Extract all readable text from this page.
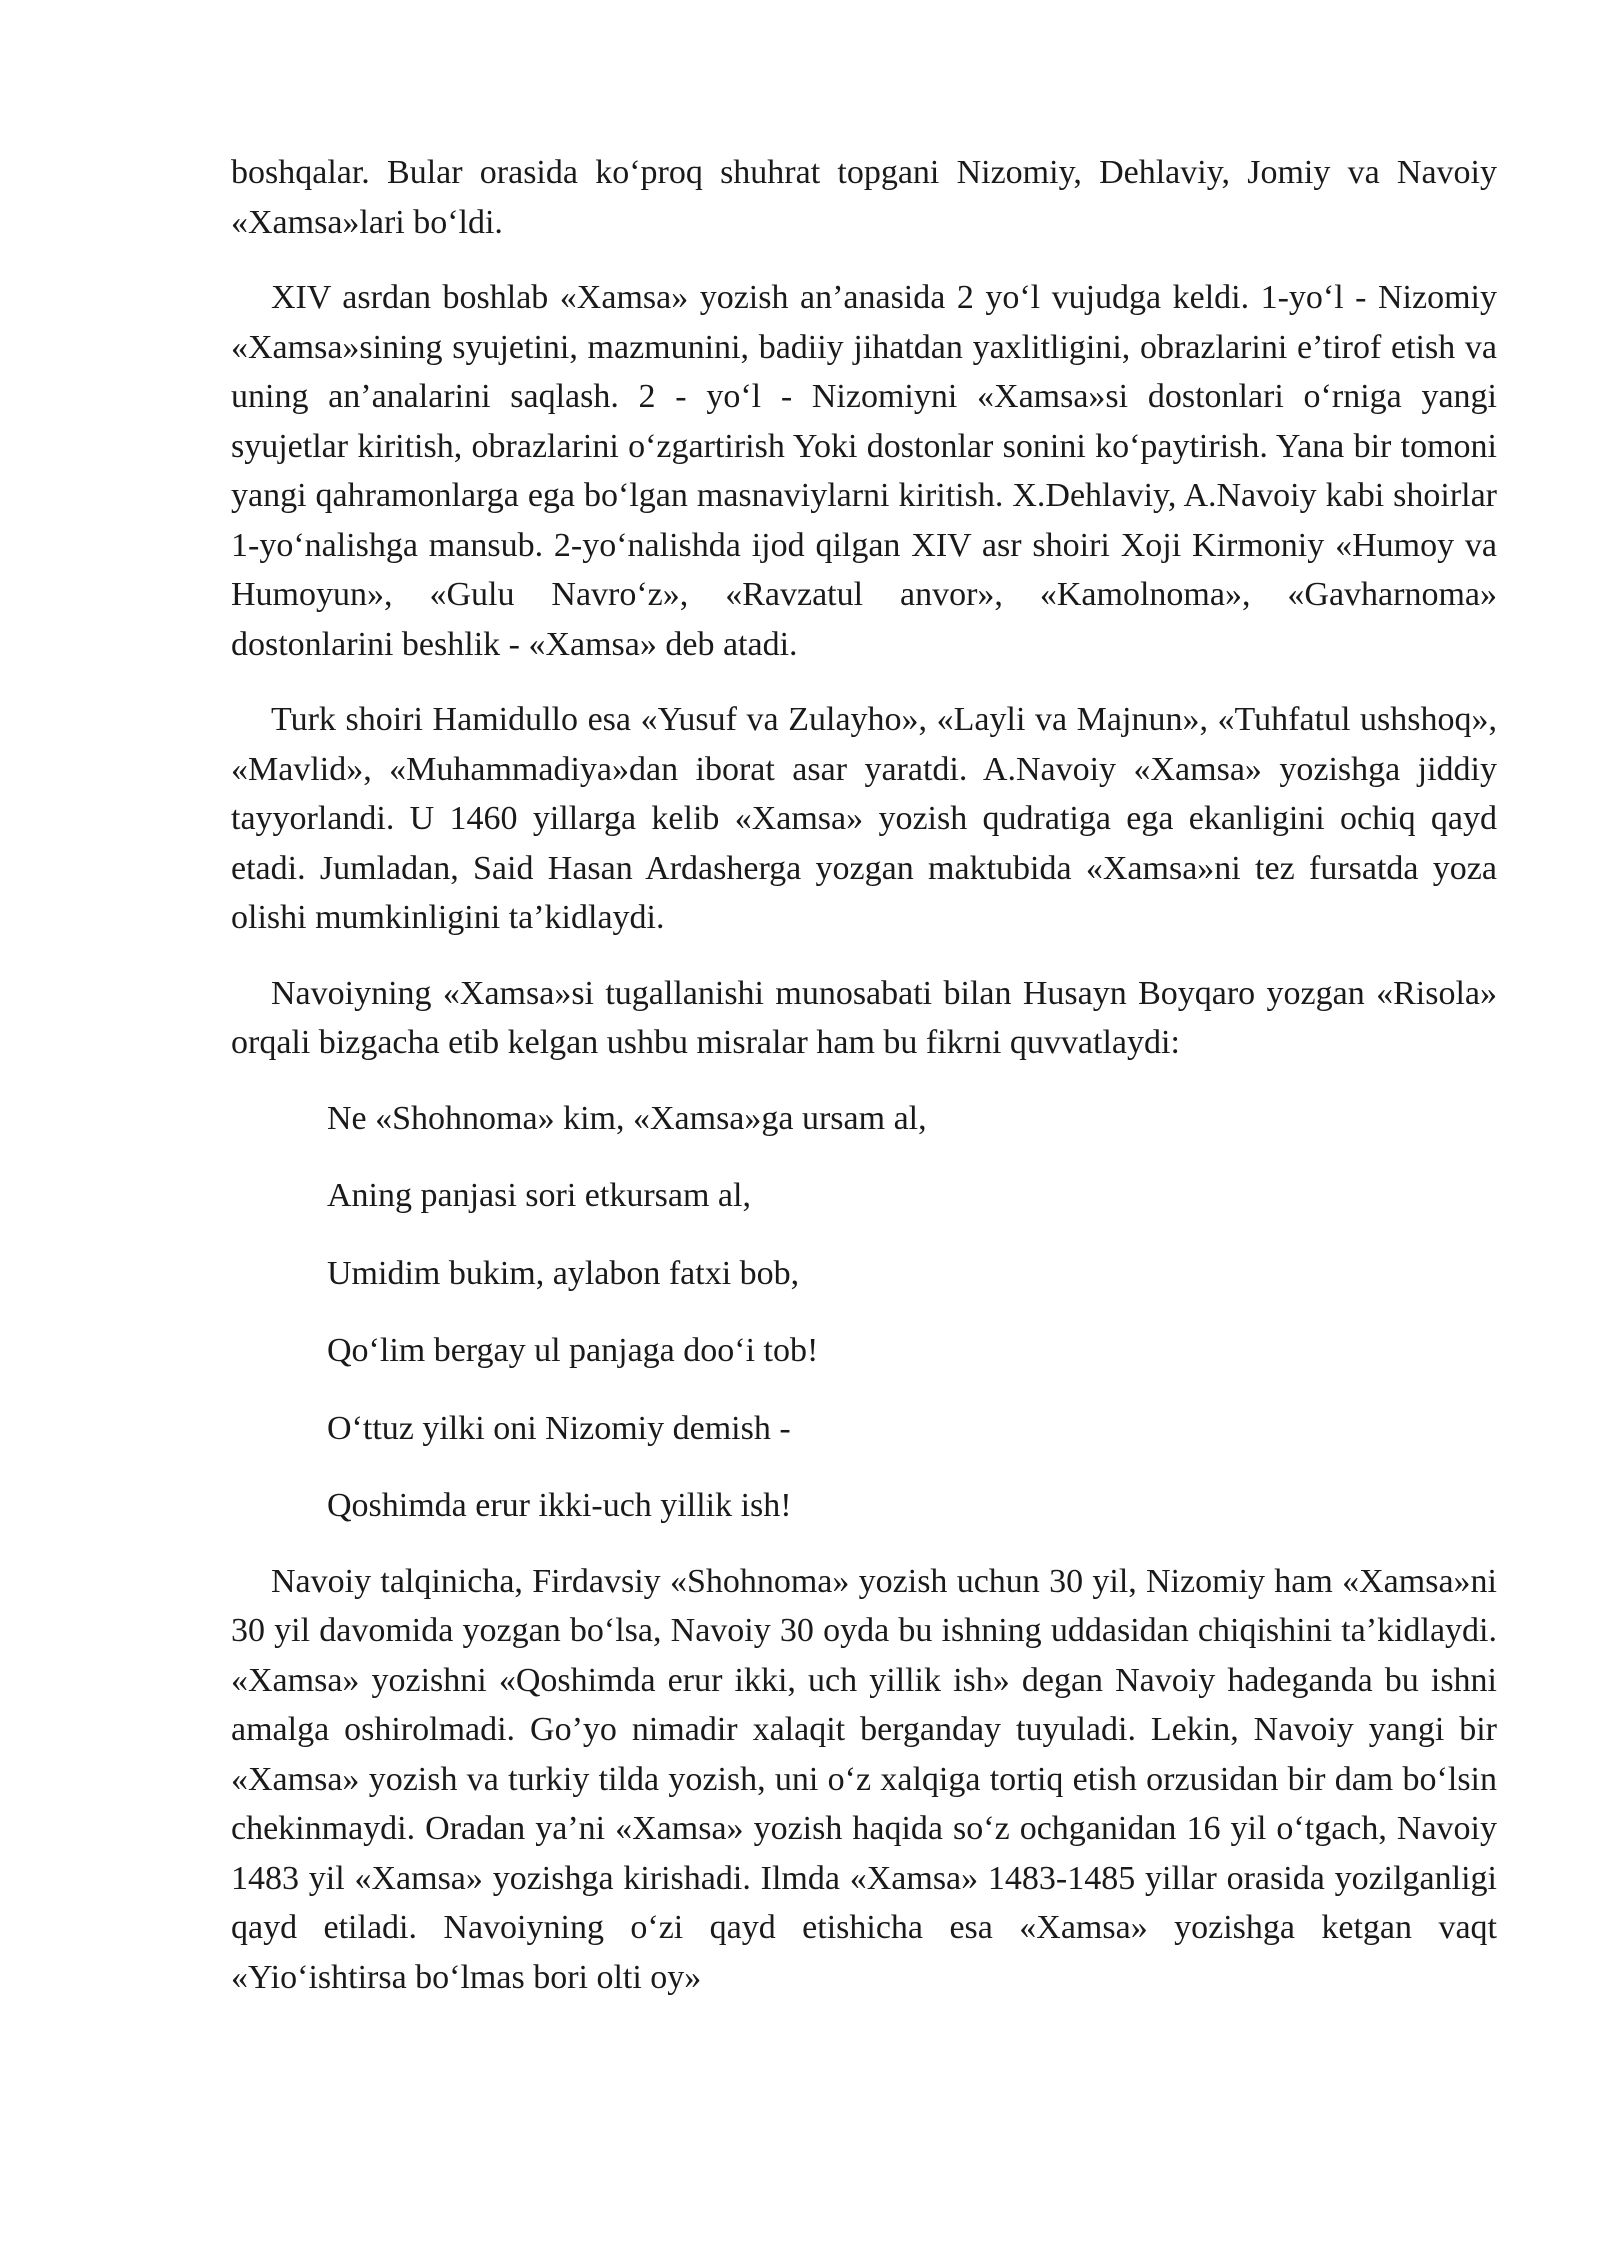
boshqalar. Bular orasida ko‘proq shuhrat topgani Nizomiy, Dehlaviy, Jomiy va Navoiy «Xamsa»lari bo‘ldi.

XIV asrdan boshlab «Xamsa» yozish an’anasida 2 yo‘l vujudga keldi. 1-yo‘l - Nizomiy «Xamsa»sining syujetini, mazmunini, badiiy jihatdan yaxlitligini, obrazlarini e’tirof etish va uning an’analarini saqlash. 2 - yo‘l - Nizomiyni «Xamsa»si dostonlari o‘rniga yangi syujetlar kiritish, obrazlarini o‘zgartirish Yoki dostonlar sonini ko‘paytirish. Yana bir tomoni yangi qahramonlarga ega bo‘lgan masnaviylarni kiritish. X.Dehlaviy, A.Navoiy kabi shoirlar 1-yo‘nalishga mansub. 2-yo‘nalishda ijod qilgan XIV asr shoiri Xoji Kirmoniy «Humoy va Humoyun», «Gulu Navro‘z», «Ravzatul anvor», «Kamolnoma», «Gavharnoma» dostonlarini beshlik - «Xamsa» deb atadi.

Turk shoiri Hamidullo esa «Yusuf va Zulayho», «Layli va Majnun», «Tuhfatul ushshoq», «Mavlid», «Muhammadiya»dan iborat asar yaratdi. A.Navoiy «Xamsa» yozishga jiddiy tayyorlandi. U 1460 yillarga kelib «Xamsa» yozish qudratiga ega ekanligini ochiq qayd etadi. Jumladan, Said Hasan Ardasherga yozgan maktubida «Xamsa»ni tez fursatda yoza olishi mumkinligini ta’kidlaydi.

Navoiyning «Xamsa»si tugallanishi munosabati bilan Husayn Boyqaro yozgan «Risola» orqali bizgacha etib kelgan ushbu misralar ham bu fikrni quvvatlaydi:

Ne «Shohnoma» kim, «Xamsa»ga ursam al,
Aning panjasi sori etkursam al,
Umidim bukim, aylabon fatxi bob,
Qo‘lim bergay ul panjaga doo‘i tob!
O‘ttuz yilki oni Nizomiy demish -
Qoshimda erur ikki-uch yillik ish!

Navoiy talqinicha, Firdavsiy «Shohnoma» yozish uchun 30 yil, Nizomiy ham «Xamsa»ni 30 yil davomida yozgan bo‘lsa, Navoiy 30 oyda bu ishning uddasidan chiqishini ta’kidlaydi. «Xamsa» yozishni «Qoshimda erur ikki, uch yillik ish» degan Navoiy hadeganda bu ishni amalga oshirolmadi. Go’yo nimadir xalaqit berganday tuyuladi. Lekin, Navoiy yangi bir «Xamsa» yozish va turkiy tilda yozish, uni o‘z xalqiga tortiq etish orzusidan bir dam bo‘lsin chekinmaydi. Oradan ya’ni «Xamsa» yozish haqida so‘z ochganidan 16 yil o‘tgach, Navoiy 1483 yil «Xamsa» yozishga kirishadi. Ilmda «Xamsa» 1483-1485 yillar orasida yozilganligi qayd etiladi. Navoiyning o‘zi qayd etishicha esa «Xamsa» yozishga ketgan vaqt «Yio‘ishtirsa bo‘lmas bori olti oy»
